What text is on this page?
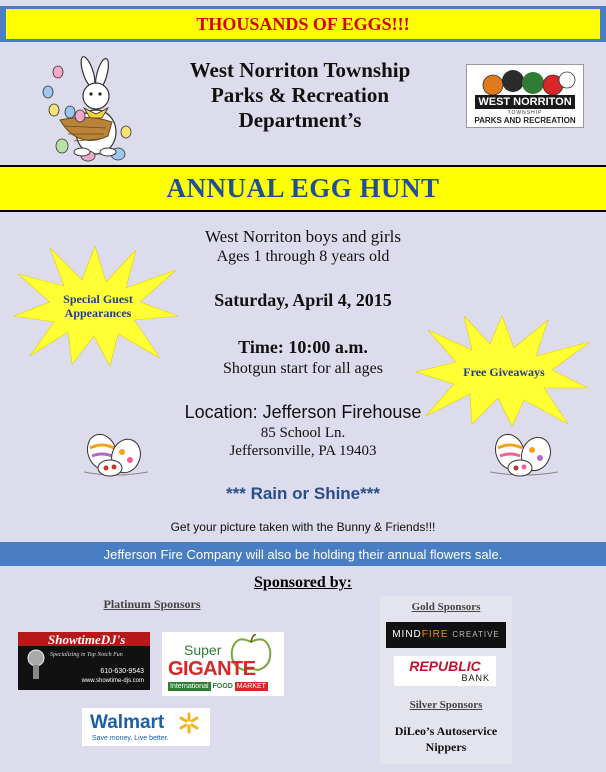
THOUSANDS OF EGGS!!!
West Norriton Township
Parks & Recreation
Department’s
WEST NORRITON
TOWNSHIP
PARKS AND RECREATION
ANNUAL EGG HUNT
Special Guest Appearances
Free Giveaways
West Norriton boys and girls
Ages 1 through 8 years old
Saturday, April 4, 2015
Time: 10:00 a.m.
Shotgun start for all ages
Location: Jefferson Firehouse
85 School Ln.
Jeffersonville, PA 19403
*** Rain or Shine***
Get your picture taken with the Bunny & Friends!!!
Jefferson Fire Company will also be holding their annual flowers sale.
Sponsored by:
Platinum Sponsors
ShowtimeDJ's
Specializing in Top Notch Fun
610-630-9543
www.showtime-djs.com
Super
GIGANTE
International FOOD MARKET
Walmart
Save money. Live better.
Gold Sponsors
MINDFIRE CREATIVE
REPUBLIC
BANK
Silver Sponsors
DiLeo’s Autoservice
Nippers
